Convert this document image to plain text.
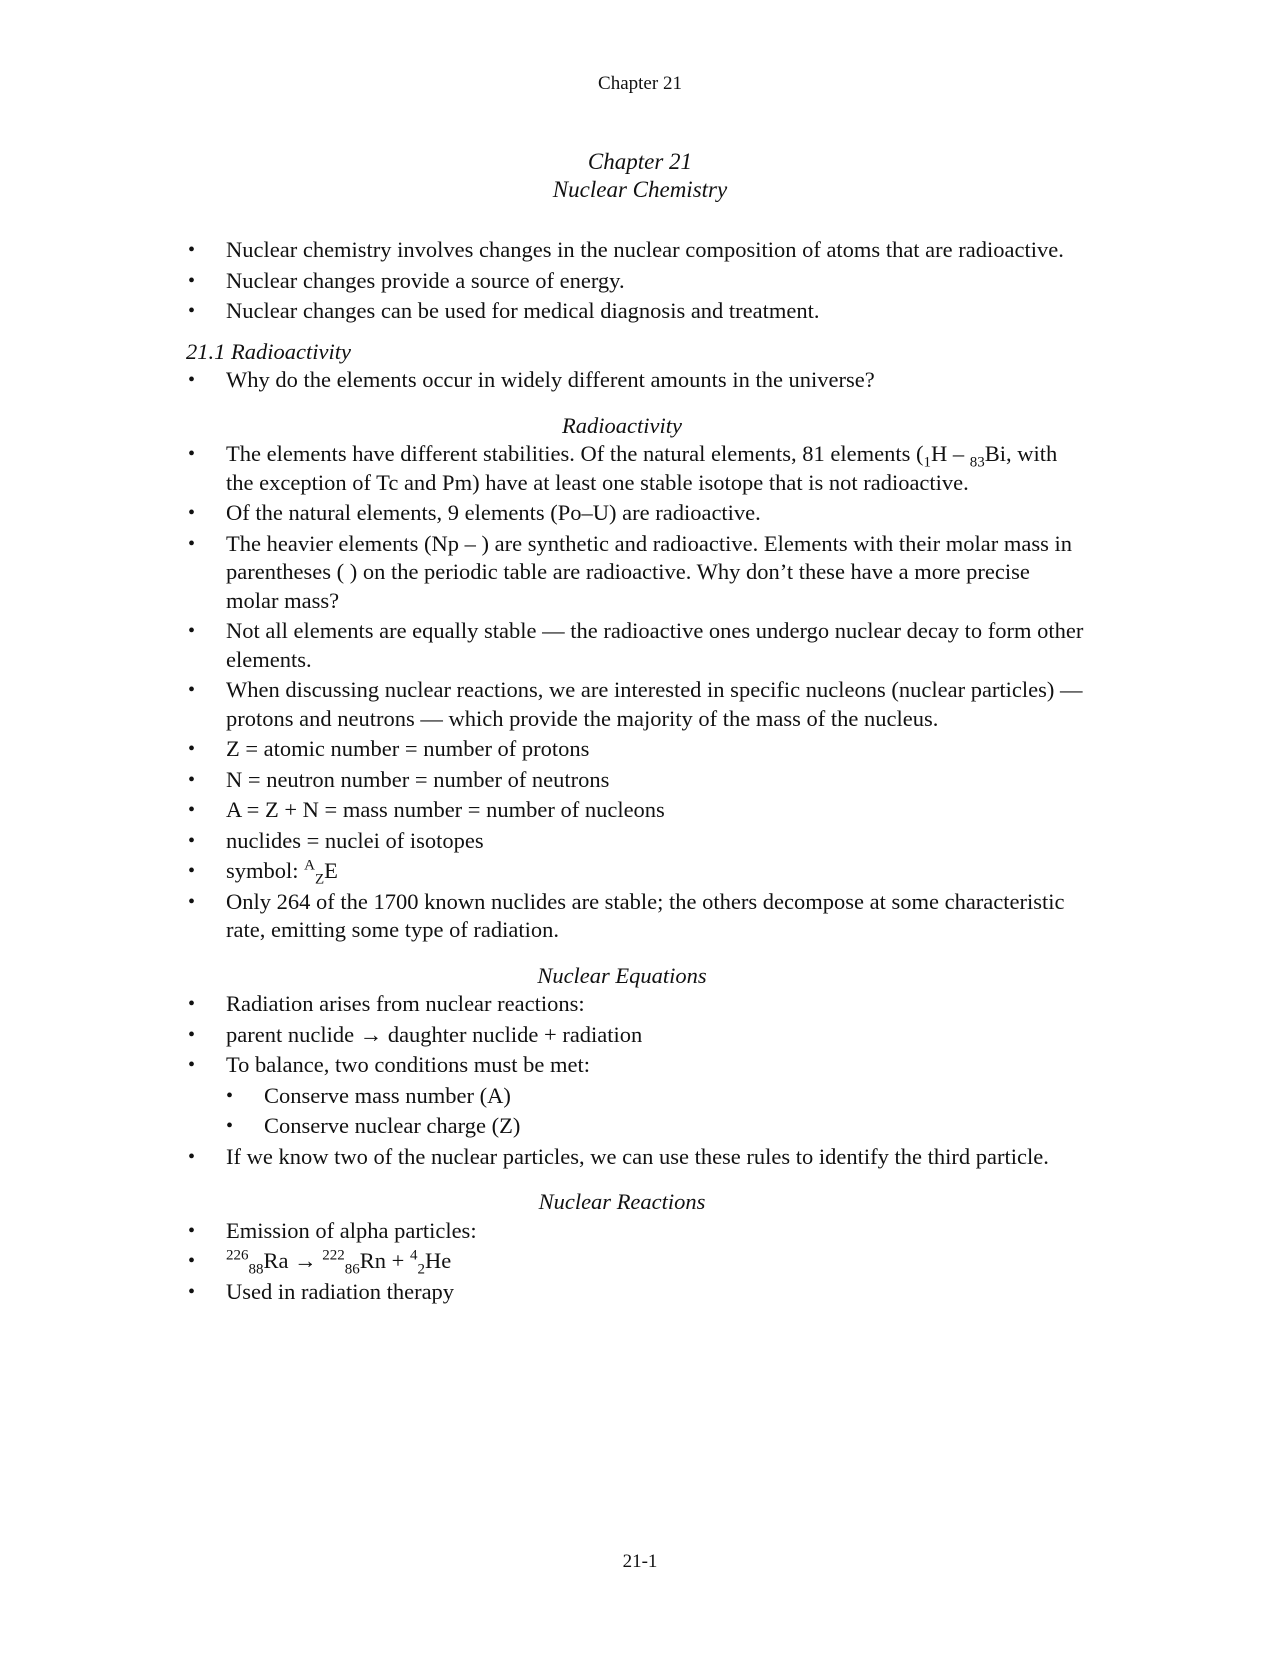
Chapter 21
Chapter 21
Nuclear Chemistry
• Nuclear chemistry involves changes in the nuclear composition of atoms that are radioactive.
• Nuclear changes provide a source of energy.
• Nuclear changes can be used for medical diagnosis and treatment.
21.1 Radioactivity
• Why do the elements occur in widely different amounts in the universe?
Radioactivity
• The elements have different stabilities. Of the natural elements, 81 elements ($_1H - _{83}Bi$, with the exception of Tc and Pm) have at least one stable isotope that is not radioactive.
• Of the natural elements, 9 elements (Po–U) are radioactive.
• The heavier elements (Np – ) are synthetic and radioactive. Elements with their molar mass in parentheses ( ) on the periodic table are radioactive. Why don’t these have a more precise molar mass?
• Not all elements are equally stable — the radioactive ones undergo nuclear decay to form other elements.
• When discussing nuclear reactions, we are interested in specific nucleons (nuclear particles) — protons and neutrons — which provide the majority of the mass of the nucleus.
• Z = atomic number = number of protons
• N = neutron number = number of neutrons
• A = Z + N = mass number = number of nucleons
• nuclides = nuclei of isotopes
• symbol: $^A_Z$E
• Only 264 of the 1700 known nuclides are stable; the others decompose at some characteristic rate, emitting some type of radiation.
Nuclear Equations
• Radiation arises from nuclear reactions:
• parent nuclide → daughter nuclide + radiation
• To balance, two conditions must be met:
• Conserve mass number (A)
• Conserve nuclear charge (Z)
• If we know two of the nuclear particles, we can use these rules to identify the third particle.
Nuclear Reactions
• Emission of alpha particles:
• $^{226}_{88}$Ra → $^{222}_{86}$Rn + $^4_2$He
• Used in radiation therapy
21-1
